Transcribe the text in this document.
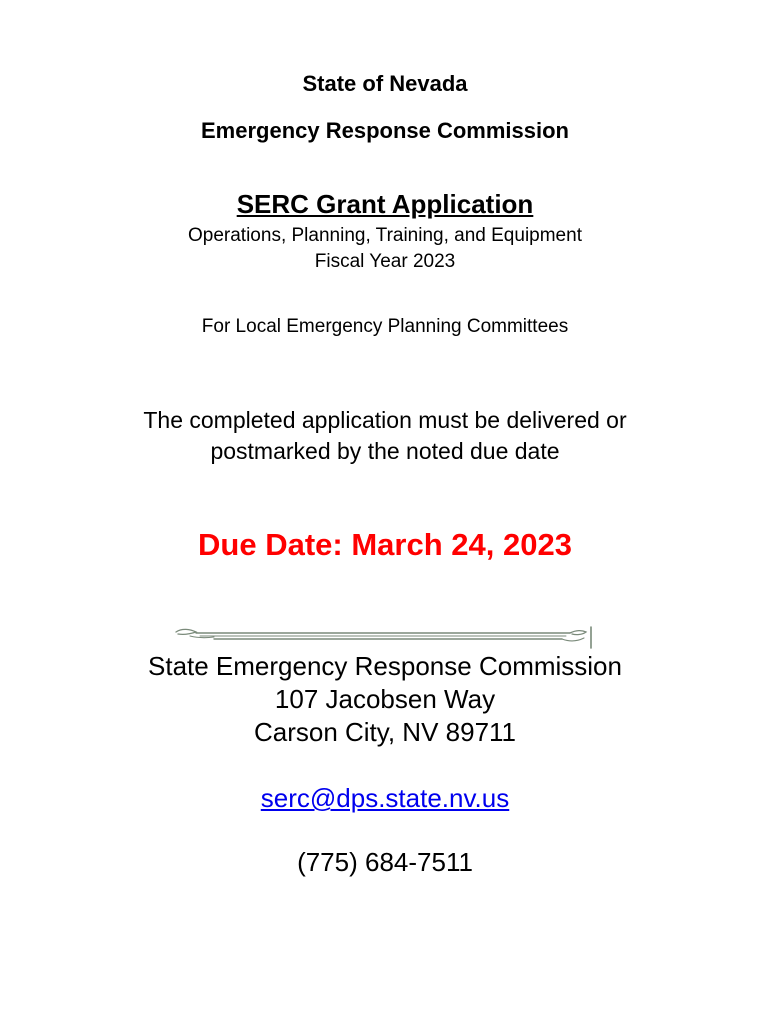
State of Nevada
Emergency Response Commission
SERC Grant Application
Operations, Planning, Training, and Equipment
Fiscal Year 2023
For Local Emergency Planning Committees
The completed application must be delivered or
postmarked by the noted due date
Due Date: March 24, 2023
State Emergency Response Commission
107 Jacobsen Way
Carson City, NV 89711
serc@dps.state.nv.us
(775) 684-7511
